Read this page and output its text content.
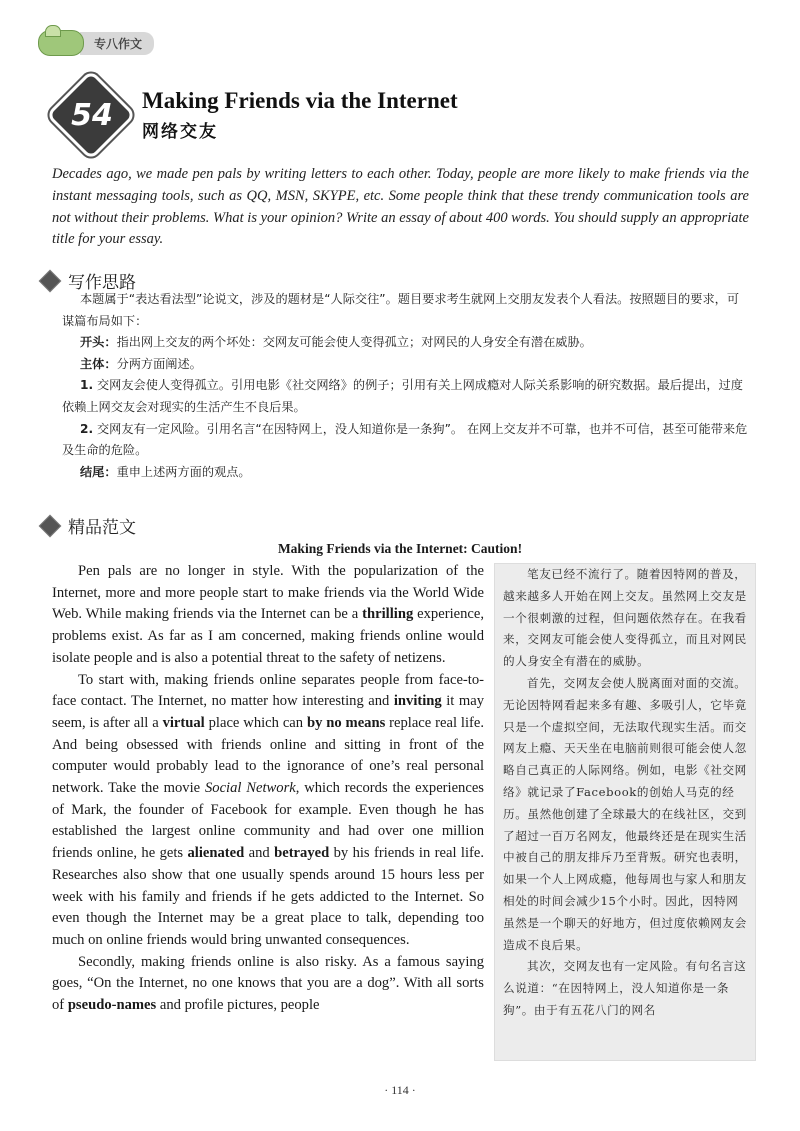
专八作文
54	Making Friends via the Internet
网络交友
Decades ago, we made pen pals by writing letters to each other. Today, people are more likely to make friends via the instant messaging tools, such as QQ, MSN, SKYPE, etc. Some people think that these trendy communication tools are not without their problems. What is your opinion? Write an essay of about 400 words. You should supply an appropriate title for your essay.
写作思路

本题属于“表达看法型”论说文，涉及的题材是“人际交往”。题目要求考生就网上交朋友发表个人看法。按照题目的要求，可谋篇布局如下：

开头：指出网上交友的两个坏处：交网友可能会使人变得孤立；对网民的人身安全有潜在威胁。

主体：分两方面阐述。

1. 交网友会使人变得孤立。引用电影《社交网络》的例子；引用有关上网成瘾对人际关系影响的研究数据。最后提出，过度依赖上网交友会对现实的生活产生不良后果。

2. 交网友有一定风险。引用名言“在因特网上，没人知道你是一条狗”。 在网上交友并不可靠，也并不可信，甚至可能带来危及生命的危险。

结尾：重申上述两方面的观点。

精品范文
Making Friends via the Internet: Caution!

Pen pals are no longer in style. With the popularization of the Internet, more and more people start to make friends via the World Wide Web. While making friends via the Internet can be a thrilling experience, problems exist. As far as I am concerned, making friends online would isolate people and is also a potential threat to the safety of netizens.

To start with, making friends online separates people from face-to-face contact. The Internet, no matter how interesting and inviting it may seem, is after all a virtual place which can by no means replace real life. And being obsessed with friends online and sitting in front of the computer would probably lead to the ignorance of one’s real personal network. Take the movie Social Network, which records the experiences of Mark, the founder of Facebook for example. Even though he has established the largest online community and had over one million friends online, he gets alienated and betrayed by his friends in real life. Researches also show that one usually spends around 15 hours less per week with his family and friends if he gets addicted to the Internet. So even though the Internet may be a great place to talk, depending too much on online friends would bring unwanted consequences.

Secondly, making friends online is also risky. As a famous saying goes, “On the Internet, no one knows that you are a dog”. With all sorts of pseudo-names and profile pictures, people

笔友已经不流行了。随着因特网的普及，越来越多人开始在网上交友。虽然网上交友是一个很刺激的过程，但问题依然存在。在我看来，交网友可能会使人变得孤立，而且对网民的人身安全有潜在的威胁。

首先，交网友会使人脱离面对面的交流。无论因特网看起来多有趣、多吸引人，它毕竟只是一个虚拟空间，无法取代现实生活。而交网友上瘾、天天坐在电脑前则很可能会使人忽略自己真正的人际网络。例如，电影《社交网络》就记录了Facebook的创始人马克的经历。虽然他创建了全球最大的在线社区，交到了超过一百万名网友，他最终还是在现实生活中被自己的朋友排斥乃至背叛。研究也表明，如果一个人上网成瘾，他每周也与家人和朋友相处的时间会减少15个小时。因此，因特网虽然是一个聊天的好地方，但过度依赖网友会造成不良后果。

其次，交网友也有一定风险。有句名言这么说道：“在因特网上，没人知道你是一条狗”。由于有五花八门的网名

· 114 ·
